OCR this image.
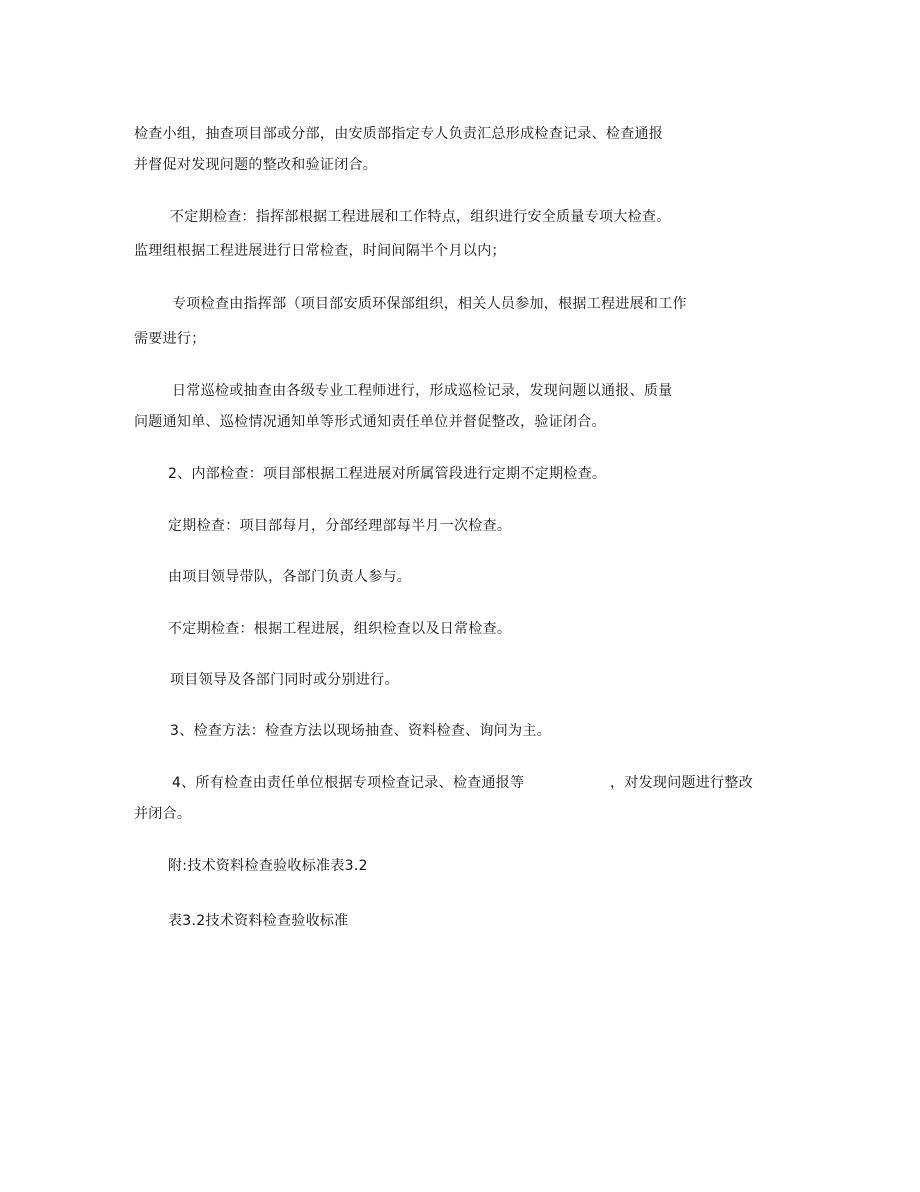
检查小组，抽查项目部或分部，由安质部指定专人负责汇总形成检查记录、检查通报
并督促对发现问题的整改和验证闭合。
不定期检查：指挥部根据工程进展和工作特点，组织进行安全质量专项大检查。
监理组根据工程进展进行日常检查，时间间隔半个月以内；
专项检查由指挥部（项目部安质环保部组织，相关人员参加，根据工程进展和工作
需要进行；
日常巡检或抽查由各级专业工程师进行，形成巡检记录，发现问题以通报、质量
问题通知单、巡检情况通知单等形式通知责任单位并督促整改，验证闭合。
2、内部检查：项目部根据工程进展对所属管段进行定期不定期检查。
定期检查：项目部每月，分部经理部每半月一次检查。
由项目领导带队，各部门负责人参与。
不定期检查：根据工程进展，组织检查以及日常检查。
项目领导及各部门同时或分别进行。
3、检查方法：检查方法以现场抽查、资料检查、询问为主。
4、所有检查由责任单位根据专项检查记录、检查通报等	，对发现问题进行整改
并闭合。
附:技术资料检查验收标准表3.2
表3.2技术资料检查验收标准
